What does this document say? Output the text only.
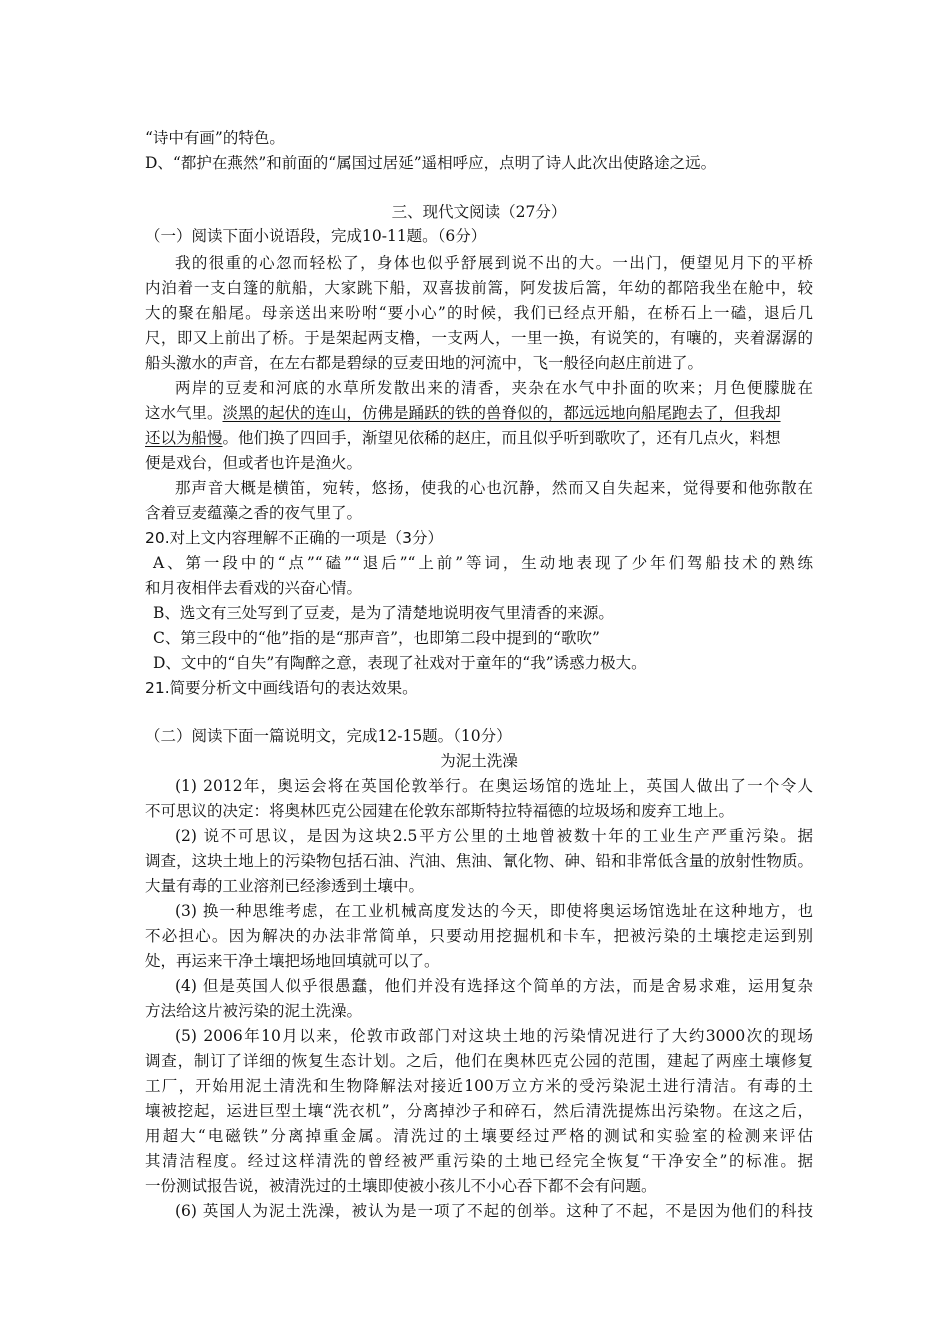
“诗中有画”的特色。
D、“都护在燕然”和前面的“属国过居延”遥相呼应，点明了诗人此次出使路途之远。
三、现代文阅读（27分）
（一）阅读下面小说语段，完成10-11题。（6分）
我的很重的心忽而轻松了，身体也似乎舒展到说不出的大。一出门，便望见月下的平桥
内泊着一支白篷的航船，大家跳下船，双喜拔前篙，阿发拔后篙，年幼的都陪我坐在舱中，较
大的聚在船尾。母亲送出来吩咐“要小心”的时候，我们已经点开船，在桥石上一磕，退后几
尺，即又上前出了桥。于是架起两支橹，一支两人，一里一换，有说笑的，有嚷的，夹着潺潺的
船头激水的声音，在左右都是碧绿的豆麦田地的河流中，飞一般径向赵庄前进了。
两岸的豆麦和河底的水草所发散出来的清香，夹杂在水气中扑面的吹来；月色便朦胧在
这水气里。淡黑的起伏的连山，仿佛是踊跃的铁的兽脊似的，都远远地向船尾跑去了，但我却
还以为船慢。他们换了四回手，渐望见依稀的赵庄，而且似乎听到歌吹了，还有几点火，料想
便是戏台，但或者也许是渔火。
那声音大概是横笛，宛转，悠扬，使我的心也沉静，然而又自失起来，觉得要和他弥散在
含着豆麦蕴藻之香的夜气里了。
20.对上文内容理解不正确的一项是（3分）
A、第一段中的“点”“磕”“退后”“上前”等词，生动地表现了少年们驾船技术的熟练
和月夜相伴去看戏的兴奋心情。
B、选文有三处写到了豆麦，是为了清楚地说明夜气里清香的来源。
C、第三段中的“他”指的是“那声音”，也即第二段中提到的“歌吹”
D、文中的“自失”有陶醉之意，表现了社戏对于童年的“我”诱惑力极大。
21.简要分析文中画线语句的表达效果。
（二）阅读下面一篇说明文，完成12-15题。（10分）
为泥土洗澡
(1) 2012年，奥运会将在英国伦敦举行。在奥运场馆的选址上，英国人做出了一个令人
不可思议的决定：将奥林匹克公园建在伦敦东部斯特拉特福德的垃圾场和废弃工地上。
(2) 说不可思议，是因为这块2.5平方公里的土地曾被数十年的工业生产严重污染。据
调查，这块土地上的污染物包括石油、汽油、焦油、氰化物、砷、铅和非常低含量的放射性物质。
大量有毒的工业溶剂已经渗透到土壤中。
(3) 换一种思维考虑，在工业机械高度发达的今天，即使将奥运场馆选址在这种地方，也
不必担心。因为解决的办法非常简单，只要动用挖掘机和卡车，把被污染的土壤挖走运到别
处，再运来干净土壤把场地回填就可以了。
(4) 但是英国人似乎很愚蠢，他们并没有选择这个简单的方法，而是舍易求难，运用复杂
方法给这片被污染的泥土洗澡。
(5) 2006年10月以来，伦敦市政部门对这块土地的污染情况进行了大约3000次的现场
调查，制订了详细的恢复生态计划。之后，他们在奥林匹克公园的范围，建起了两座土壤修复
工厂，开始用泥土清洗和生物降解法对接近100万立方米的受污染泥土进行清洁。有毒的土
壤被挖起，运进巨型土壤“洗衣机”，分离掉沙子和碎石，然后清洗提炼出污染物。在这之后，
用超大“电磁铁”分离掉重金属。清洗过的土壤要经过严格的测试和实验室的检测来评估
其清洁程度。经过这样清洗的曾经被严重污染的土地已经完全恢复“干净安全”的标准。据
一份测试报告说，被清洗过的土壤即使被小孩儿不小心吞下都不会有问题。
(6) 英国人为泥土洗澡，被认为是一项了不起的创举。这种了不起，不是因为他们的科技
